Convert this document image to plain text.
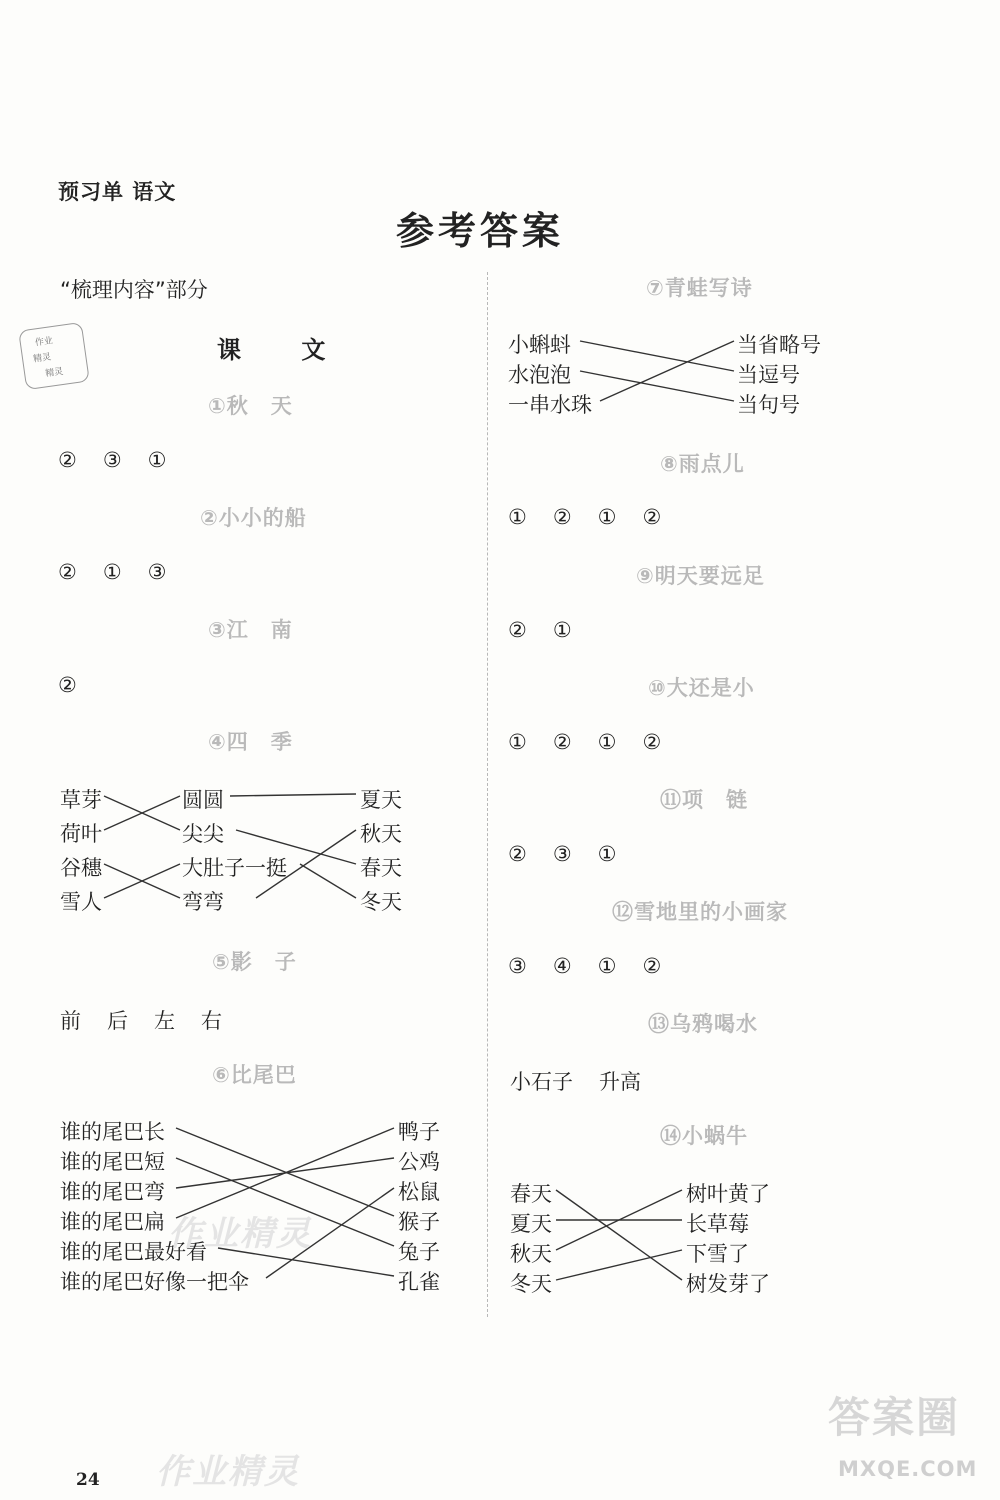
预习单 语文
参考答案
“梳理内容”部分
课 文
作业
精灵
精灵
①秋　天
② ③ ①
②小小的船
② ① ③
③江　南
②
④四　季
草芽
荷叶
谷穗
雪人
圆圆
尖尖
大肚子一挺
弯弯
夏天
秋天
春天
冬天
⑤影　子
前 后 左 右
⑥比尾巴
谁的尾巴长
谁的尾巴短
谁的尾巴弯
谁的尾巴扁
谁的尾巴最好看
谁的尾巴好像一把伞
鸭子
公鸡
松鼠
猴子
兔子
孔雀
⑦青蛙写诗
小蝌蚪
水泡泡
一串水珠
当省略号
当逗号
当句号
⑧雨点儿
① ② ① ②
⑨明天要远足
② ①
⑩大还是小
① ② ① ②
⑪项　链
② ③ ①
⑫雪地里的小画家
③ ④ ① ②
⑬乌鸦喝水
小石子 升高
⑭小蜗牛
春天
夏天
秋天
冬天
树叶黄了
长草莓
下雪了
树发芽了
作业精灵
作业精灵
答案圈
MXQE.COM
24
